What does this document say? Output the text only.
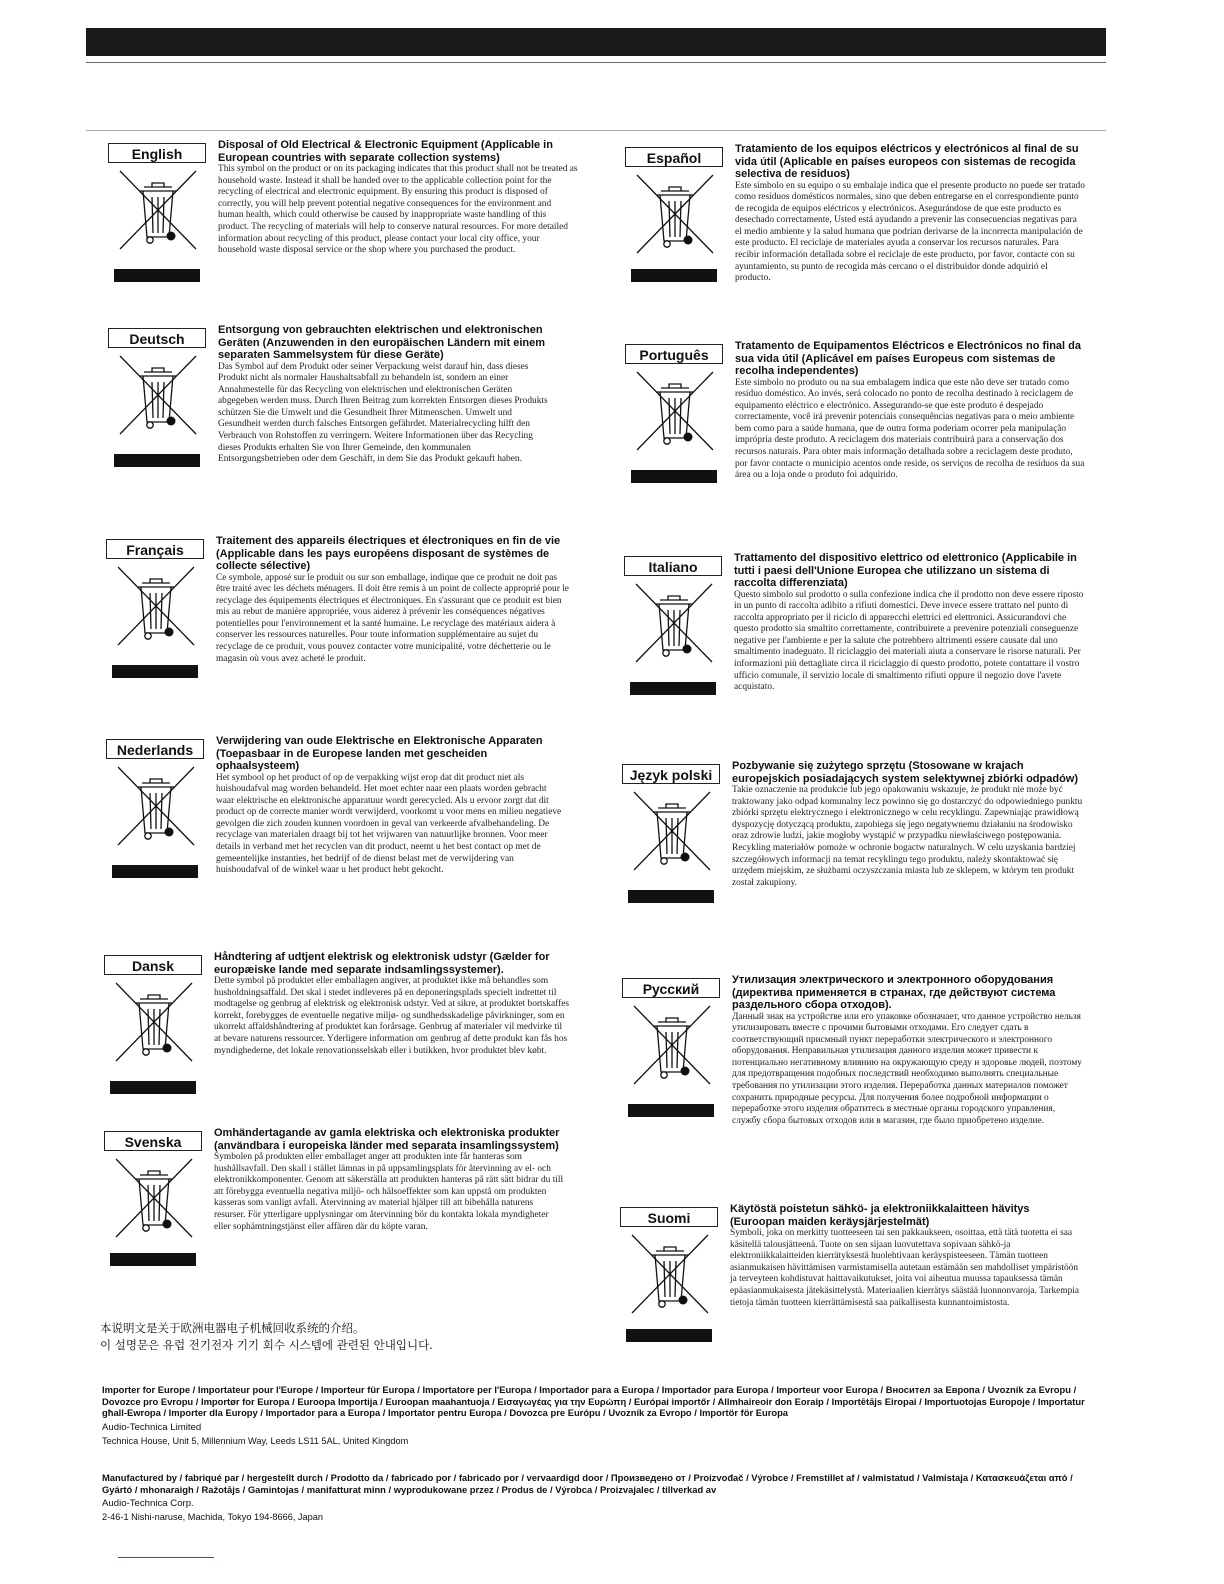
English

Disposal of Old Electrical & Electronic Equipment (Applicable in European countries with separate collection systems)

This symbol on the product or on its packaging indicates that this product shall not be treated as household waste. Instead it shall be handed over to the applicable collection point for the recycling of electrical and electronic equipment. By ensuring this product is disposed of correctly, you will help prevent potential negative consequences for the environment and human health, which could otherwise be caused by inappropriate waste handling of this product. The recycling of materials will help to conserve natural resources. For more detailed information about recycling of this product, please contact your local city office, your household waste disposal service or the shop where you purchased the product.

Deutsch

Entsorgung von gebrauchten elektrischen und elektronischen Geräten (Anzuwenden in den europäischen Ländern mit einem separaten Sammelsystem für diese Geräte)

Das Symbol auf dem Produkt oder seiner Verpackung weist darauf hin, dass dieses Produkt nicht als normaler Haushaltsabfall zu behandeln ist, sondern an einer Annahmestelle für das Recycling von elektrischen und elektronischen Geräten abgegeben werden muss. Durch Ihren Beitrag zum korrekten Entsorgen dieses Produkts schützen Sie die Umwelt und die Gesundheit Ihrer Mitmenschen. Umwelt und Gesundheit werden durch falsches Entsorgen gefährdet. Materialrecycling hilft den Verbrauch von Rohstoffen zu verringern. Weitere Informationen über das Recycling dieses Produkts erhalten Sie von Ihrer Gemeinde, den kommunalen Entsorgungsbetrieben oder dem Geschäft, in dem Sie das Produkt gekauft haben.

Français

Traitement des appareils électriques et électroniques en fin de vie (Applicable dans les pays européens disposant de systèmes de collecte sélective)

Ce symbole, apposé sur le produit ou sur son emballage, indique que ce produit ne doit pas être traité avec les déchets ménagers. Il doit être remis à un point de collecte approprié pour le recyclage des équipements électriques et électroniques. En s'assurant que ce produit est bien mis au rebut de manière appropriée, vous aiderez à prévenir les conséquences négatives potentielles pour l'environnement et la santé humaine. Le recyclage des matériaux aidera à conserver les ressources naturelles. Pour toute information supplémentaire au sujet du recyclage de ce produit, vous pouvez contacter votre municipalité, votre déchetterie ou le magasin où vous avez acheté le produit.

Nederlands

Verwijdering van oude Elektrische en Elektronische Apparaten (Toepasbaar in de Europese landen met gescheiden ophaalsysteem)

Het symbool op het product of op de verpakking wijst erop dat dit product niet als huishoudafval mag worden behandeld. Het moet echter naar een plaats worden gebracht waar elektrische en elektronische apparatuur wordt gerecycled. Als u ervoor zorgt dat dit product op de correcte manier wordt verwijderd, voorkomt u voor mens en milieu negatieve gevolgen die zich zouden kunnen voordoen in geval van verkeerde afvalbehandeling. De recyclage van materialen draagt bij tot het vrijwaren van natuurlijke bronnen. Voor meer details in verband met het recyclen van dit product, neemt u het best contact op met de gemeentelijke instanties, het bedrijf of de dienst belast met de verwijdering van huishoudafval of de winkel waar u het product hebt gekocht.

Dansk

Håndtering af udtjent elektrisk og elektronisk udstyr (Gælder for europæiske lande med separate indsamlingssystemer).

Dette symbol på produktet eller emballagen angiver, at produktet ikke må behandles som husholdningsaffald. Det skal i stedet indleveres på en deponeringsplads specielt indrettet til modtagelse og genbrug af elektrisk og elektronisk udstyr. Ved at sikre, at produktet bortskaffes korrekt, forebygges de eventuelle negative miljø- og sundhedsskadelige påvirkninger, som en ukorrekt affaldshåndtering af produktet kan forårsage. Genbrug af materialer vil medvirke til at bevare naturens ressourcer. Yderligere information om genbrug af dette produkt kan fås hos myndighederne, det lokale renovationsselskab eller i butikken, hvor produktet blev købt.

Svenska

Omhändertagande av gamla elektriska och elektroniska produkter (användbara i europeiska länder med separata insamlingssystem)

Symbolen på produkten eller emballaget anger att produkten inte får hanteras som hushållsavfall. Den skall i stället lämnas in på uppsamlingsplats för återvinning av el- och elektronikkomponenter. Genom att säkerställa att produkten hanteras på rätt sätt bidrar du till att förebygga eventuella negativa miljö- och hälsoeffekter som kan uppstå om produkten kasseras som vanligt avfall. Återvinning av material hjälper till att bibehålla naturens resurser. För ytterligare upplysningar om återvinning bör du kontakta lokala myndigheter eller sophämtningstjänst eller affären där du köpte varan.

Español

Tratamiento de los equipos eléctricos y electrónicos al final de su vida útil (Aplicable en países europeos con sistemas de recogida selectiva de residuos)

Este símbolo en su equipo o su embalaje indica que el presente producto no puede ser tratado como residuos domésticos normales, sino que deben entregarse en el correspondiente punto de recogida de equipos eléctricos y electrónicos. Asegurándose de que este producto es desechado correctamente, Usted está ayudando a prevenir las consecuencias negativas para el medio ambiente y la salud humana que podrían derivarse de la incorrecta manipulación de este producto. El reciclaje de materiales ayuda a conservar los recursos naturales. Para recibir información detallada sobre el reciclaje de este producto, por favor, contacte con su ayuntamiento, su punto de recogida más cercano o el distribuidor donde adquirió el producto.

Português

Tratamento de Equipamentos Eléctricos e Electrónicos no final da sua vida útil (Aplicável em países Europeus com sistemas de recolha independentes)

Este símbolo no produto ou na sua embalagem indica que este não deve ser tratado como resíduo doméstico. Ao invés, será colocado no ponto de recolha destinado à reciclagem de equipamento eléctrico e electrónico. Assegurando-se que este produto é despejado correctamente, você irá prevenir potenciais consequências negativas para o meio ambiente bem como para a saúde humana, que de outra forma poderiam ocorrer pela manipulação imprópria deste produto. A reciclagem dos materiais contribuirá para a conservação dos recursos naturais. Para obter mais informação detalhada sobre a reciclagem deste produto, por favor contacte o município acentos onde reside, os serviços de recolha de resíduos da sua área ou a loja onde o produto foi adquirido.

Italiano

Trattamento del dispositivo elettrico od elettronico (Applicabile in tutti i paesi dell'Unione Europea che utilizzano un sistema di raccolta differenziata)

Questo simbolo sul prodotto o sulla confezione indica che il prodotto non deve essere riposto in un punto di raccolta adibito a rifiuti domestici. Deve invece essere trattato nel punto di raccolta appropriato per il riciclo di apparecchi elettrici ed elettronici. Assicurandovi che questo prodotto sia smaltito correttamente, contribuirete a prevenire potenziali conseguenze negative per l'ambiente e per la salute che potrebbero altrimenti essere causate dal uno smaltimento inadeguato. Il riciclaggio dei materiali aiuta a conservare le risorse naturali. Per informazioni più dettagliate circa il riciclaggio di questo prodotto, potete contattare il vostro ufficio comunale, il servizio locale di smaltimento rifiuti oppure il negozio dove l'avete acquistato.

Język polski

Pozbywanie się zużytego sprzętu (Stosowane w krajach europejskich posiadających system selektywnej zbiórki odpadów)

Takie oznaczenie na produkcie lub jego opakowaniu wskazuje, że produkt nie może być traktowany jako odpad komunalny lecz powinno się go dostarczyć do odpowiedniego punktu zbiórki sprzętu elektrycznego i elektronicznego w celu recyklingu. Zapewniając prawidłową dyspozycję dotyczącą produktu, zapobiega się jego negatywnemu działaniu na środowisko oraz zdrowie ludzi, jakie mogłoby wystąpić w przypadku niewłaściwego postępowania. Recykling materiałów pomoże w ochronie bogactw naturalnych. W celu uzyskania bardziej szczegółowych informacji na temat recyklingu tego produktu, należy skontaktować się urzędem miejskim, ze służbami oczyszczania miasta lub ze sklepem, w którym ten produkt został zakupiony.

Русский

Утилизация электрического и электронного оборудования (директива применяется в странах, где действуют система раздельного сбора отходов).

Данный знак на устройстве или его упаковке обозначает, что данное устройство нельзя утилизировать вместе с прочими бытовыми отходами. Его следует сдать в соответствующий присмный пункт переработки электрического и электронного оборудования. Неправильная утилизация данного изделия может привести к потенциально негативному влиянию на окружающую среду и здоровье людей, поэтому для предотвращения подобных последствий необходимо выполнять специальные требования по утилизации этого изделия. Переработка данных материалов поможет сохранить природные ресурсы. Для получения более подробной информации о переработке этого изделия обратитесь в местные органы городского управления, службу сбора бытовых отходов или в магазин, где было приобретено изделие.

Suomi

Käytöstä poistetun sähkö- ja elektroniikkalaitteen hävitys (Euroopan maiden keräysjärjestelmät)

Symboli, joka on merkitty tuotteeseen tai sen pakkaukseen, osoittaa, että tätä tuotetta ei saa käsitellä talousjätteenä. Tuote on sen sijaan luovutettava sopivaan sähkö-ja elektroniikkalaitteiden kierrätyksestä huolehtivaan keräyspisteeseen. Tämän tuotteen asianmukaisen hävittämisen varmistamisella autetaan estämään sen mahdolliset ympäristöön ja terveyteen kohdistuvat haittavaikutukset, joita voi aiheutua muussa tapauksessa tämän epäasianmukaisesta jätekäsittelystä. Materiaalien kierrätys säästää luonnonvaroja. Tarkempia tietoja tämän tuotteen kierrättämisestä saa paikallisesta kunnantoimistosta.

本说明文是关于欧洲电器电子机械回收系统的介绍。
이 설명문은 유럽 전기전자 기기 회수 시스템에 관련된 안내입니다.

Importer for Europe / Importateur pour l'Europe / Importeur für Europa / Importatore per l'Europa / Importador para a Europa / Importador para Europa / Importeur voor Europa / Вноситeл за Европа / Uvozník za Evropu / Dovozce pro Evropu / Importør for Europa / Euroopa Importija / Euroopan maahantuoja / Εισαγωγέας για την Ευρώπη / Európai importőr / Allmhaireoir don Eoraip / Importētājs Eiropai / Importuotojas Europoje / Importatur għall-Ewropa / Importer dla Europy / Importador para a Europa / Importator pentru Europa / Dovozca pre Európu / Uvozník za Evropo / Importör för Europa

Audio-Technica Limited

Technica House, Unit 5, Millennium Way, Leeds LS11 5AL, United Kingdom

Manufactured by / fabriqué par / hergestellt durch / Prodotto da / fabricado por / fabricado por / vervaardigd door / Произведено от / Proizvođač / Výrobce / Fremstillet af / valmistatud / Valmistaja / Κατασκευάζεται από / Gyártó / mhonaraigh / Ražotājs / Gamintojas / manifatturat minn / wyprodukowane przez / Produs de / Výrobca / Proizvajalec / tillverkad av

Audio-Technica Corp.

2-46-1 Nishi-naruse, Machida, Tokyo 194-8666, Japan
